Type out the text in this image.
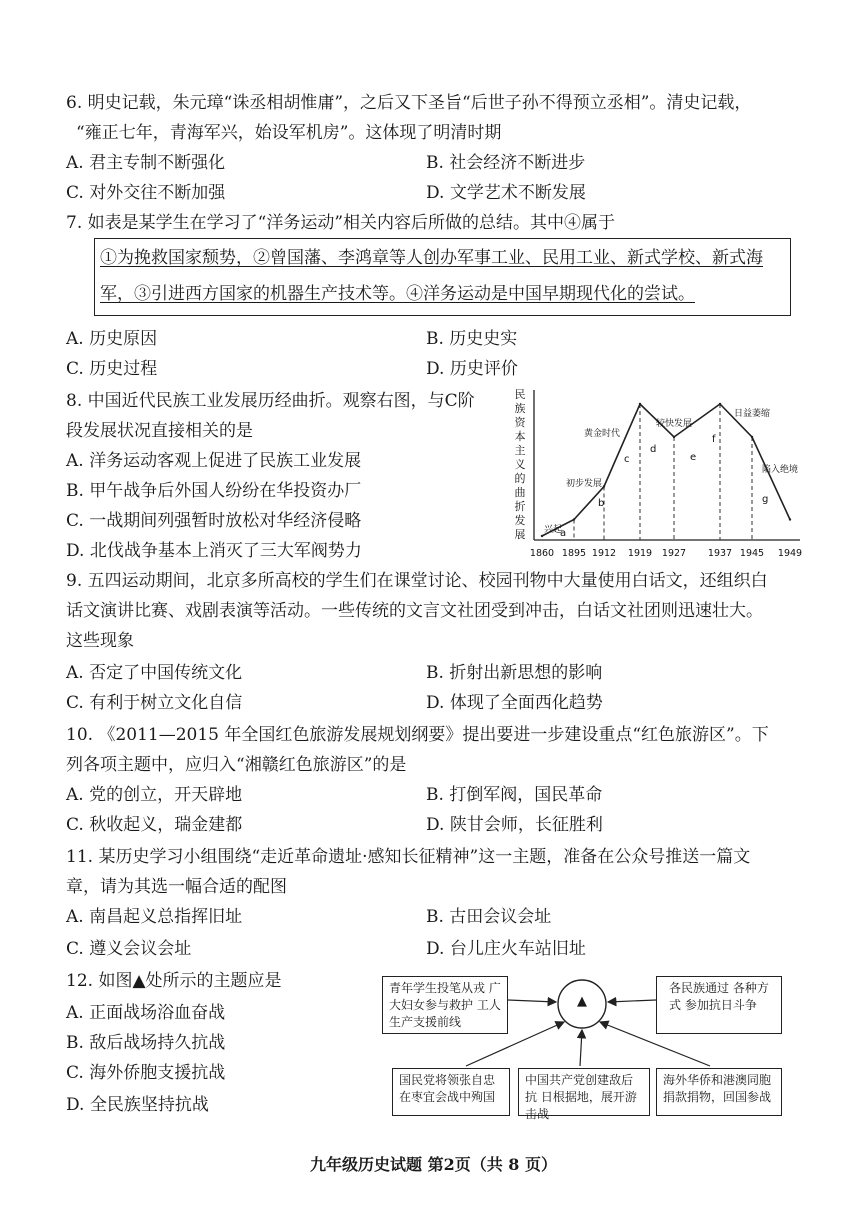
6. 明史记载，朱元璋“诛丞相胡惟庸”，之后又下圣旨“后世子孙不得预立丞相”。清史记载，
“雍正七年，青海军兴，始设军机房”。这体现了明清时期
A. 君主专制不断强化	B. 社会经济不断进步
C. 对外交往不断加强	D. 文学艺术不断发展
7. 如表是某学生在学习了“洋务运动”相关内容后所做的总结。其中④属于
①为挽救国家颓势，②曾国藩、李鸿章等人创办军事工业、民用工业、新式学校、新式海
军，③引进西方国家的机器生产技术等。④洋务运动是中国早期现代化的尝试。
A. 历史原因	B. 历史史实
C. 历史过程	D. 历史评价
8. 中国近代民族工业发展历经曲折。观察右图，与C阶
段发展状况直接相关的是
A. 洋务运动客观上促进了民族工业发展
B. 甲午战争后外国人纷纷在华投资办厂
C. 一战期间列强暂时放松对华经济侵略
D. 北伐战争基本上消灭了三大军阀势力
民
族
资
本
主
义
的
曲
折
发
展
1860 1895 1912 1919 1927 1937 1945 1949
a
b
c
d
e
f
g
兴起
初步发展
黄金时代
较快发展
日益萎缩
陷入绝境
9. 五四运动期间，北京多所高校的学生们在课堂讨论、校园刊物中大量使用白话文，还组织白
话文演讲比赛、戏剧表演等活动。一些传统的文言文社团受到冲击，白话文社团则迅速壮大。
这些现象
A. 否定了中国传统文化	B. 折射出新思想的影响
C. 有利于树立文化自信	D. 体现了全面西化趋势
10. 《2011—2015 年全国红色旅游发展规划纲要》提出要进一步建设重点“红色旅游区”。下
列各项主题中，应归入“湘赣红色旅游区”的是
A. 党的创立，开天辟地	B. 打倒军阀，国民革命
C. 秋收起义，瑞金建都	D. 陕甘会师，长征胜利
11. 某历史学习小组围绕“走近革命遗址·感知长征精神”这一主题，准备在公众号推送一篇文
章，请为其选一幅合适的配图
A. 南昌起义总指挥旧址	B. 古田会议会址
C. 遵义会议会址	D. 台儿庄火车站旧址
12. 如图▲处所示的主题应是
A. 正面战场浴血奋战
B. 敌后战场持久抗战
C. 海外侨胞支援抗战
D. 全民族坚持抗战
▲
青年学生投笔从戎 广大妇女参与救护 工人生产支援前线
各民族通过 各种方式 参加抗日斗争
国民党将领张自忠 在枣宜会战中殉国
中国共产党创建敌后抗 日根据地，展开游击战
海外华侨和港澳同胞 捐款捐物，回国参战
九年级历史试题 第2页（共 8 页）
